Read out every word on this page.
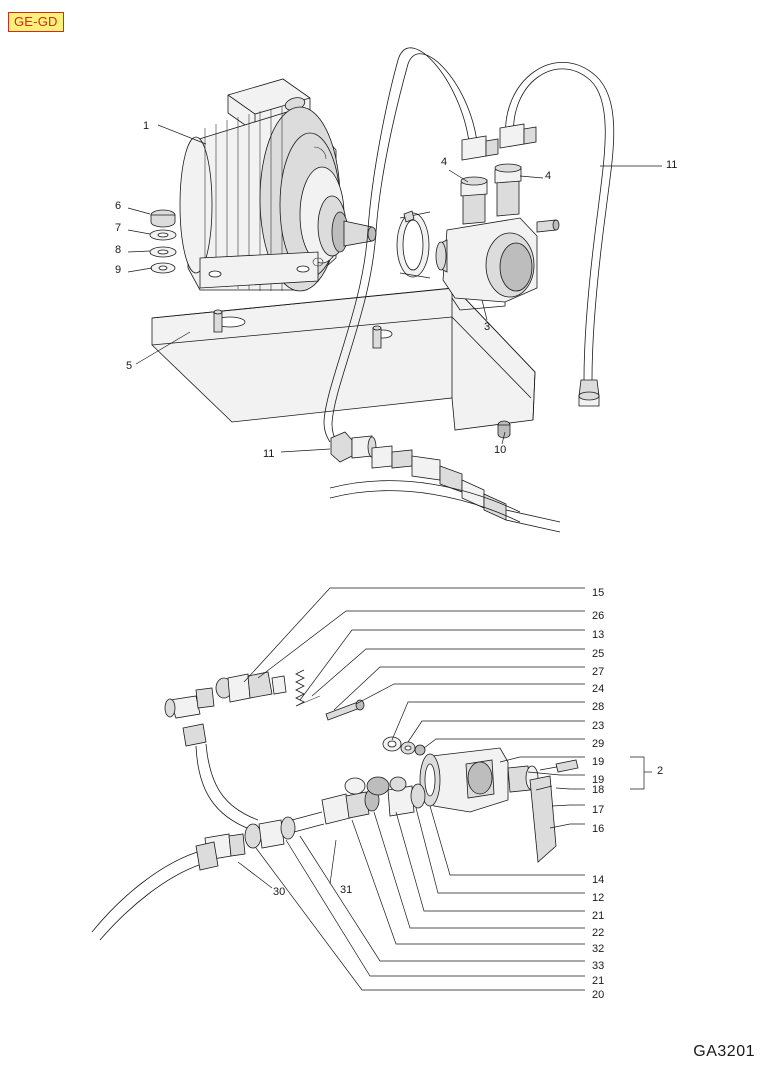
GE-GD
1
6
7
8
9
5
11	10
3
4
4
11
15
26
13
25
27
24
28
23
29
19
19
18
17
16
14
12
21
22
32
33
21
20
2
30	31
GA3201
